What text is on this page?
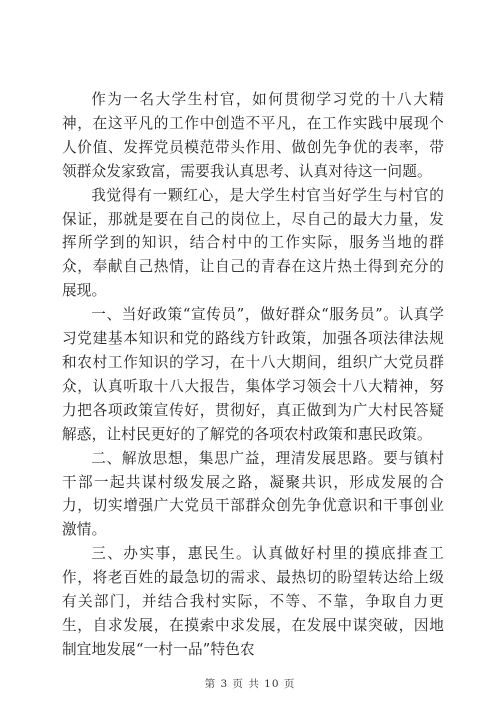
作为一名大学生村官，如何贯彻学习党的十八大精神，在这平凡的工作中创造不平凡，在工作实践中展现个人价值、发挥党员模范带头作用、做创先争优的表率，带领群众发家致富，需要我认真思考、认真对待这一问题。

我觉得有一颗红心，是大学生村官当好学生与村官的保证，那就是要在自己的岗位上，尽自己的最大力量，发挥所学到的知识，结合村中的工作实际，服务当地的群众，奉献自己热情，让自己的青春在这片热土得到充分的展现。

一、当好政策“宣传员”，做好群众“服务员”。认真学习党建基本知识和党的路线方针政策，加强各项法律法规和农村工作知识的学习，在十八大期间，组织广大党员群众，认真听取十八大报告，集体学习领会十八大精神，努力把各项政策宣传好，贯彻好，真正做到为广大村民答疑解惑，让村民更好的了解党的各项农村政策和惠民政策。

二、解放思想，集思广益，理清发展思路。要与镇村干部一起共谋村级发展之路，凝聚共识，形成发展的合力，切实增强广大党员干部群众创先争优意识和干事创业激情。

三、办实事，惠民生。认真做好村里的摸底排查工作，将老百姓的最急切的需求、最热切的盼望转达给上级有关部门，并结合我村实际，不等、不靠，争取自力更生，自求发展，在摸索中求发展，在发展中谋突破，因地制宜地发展“一村一品”特色农

第 3 页 共 10 页
